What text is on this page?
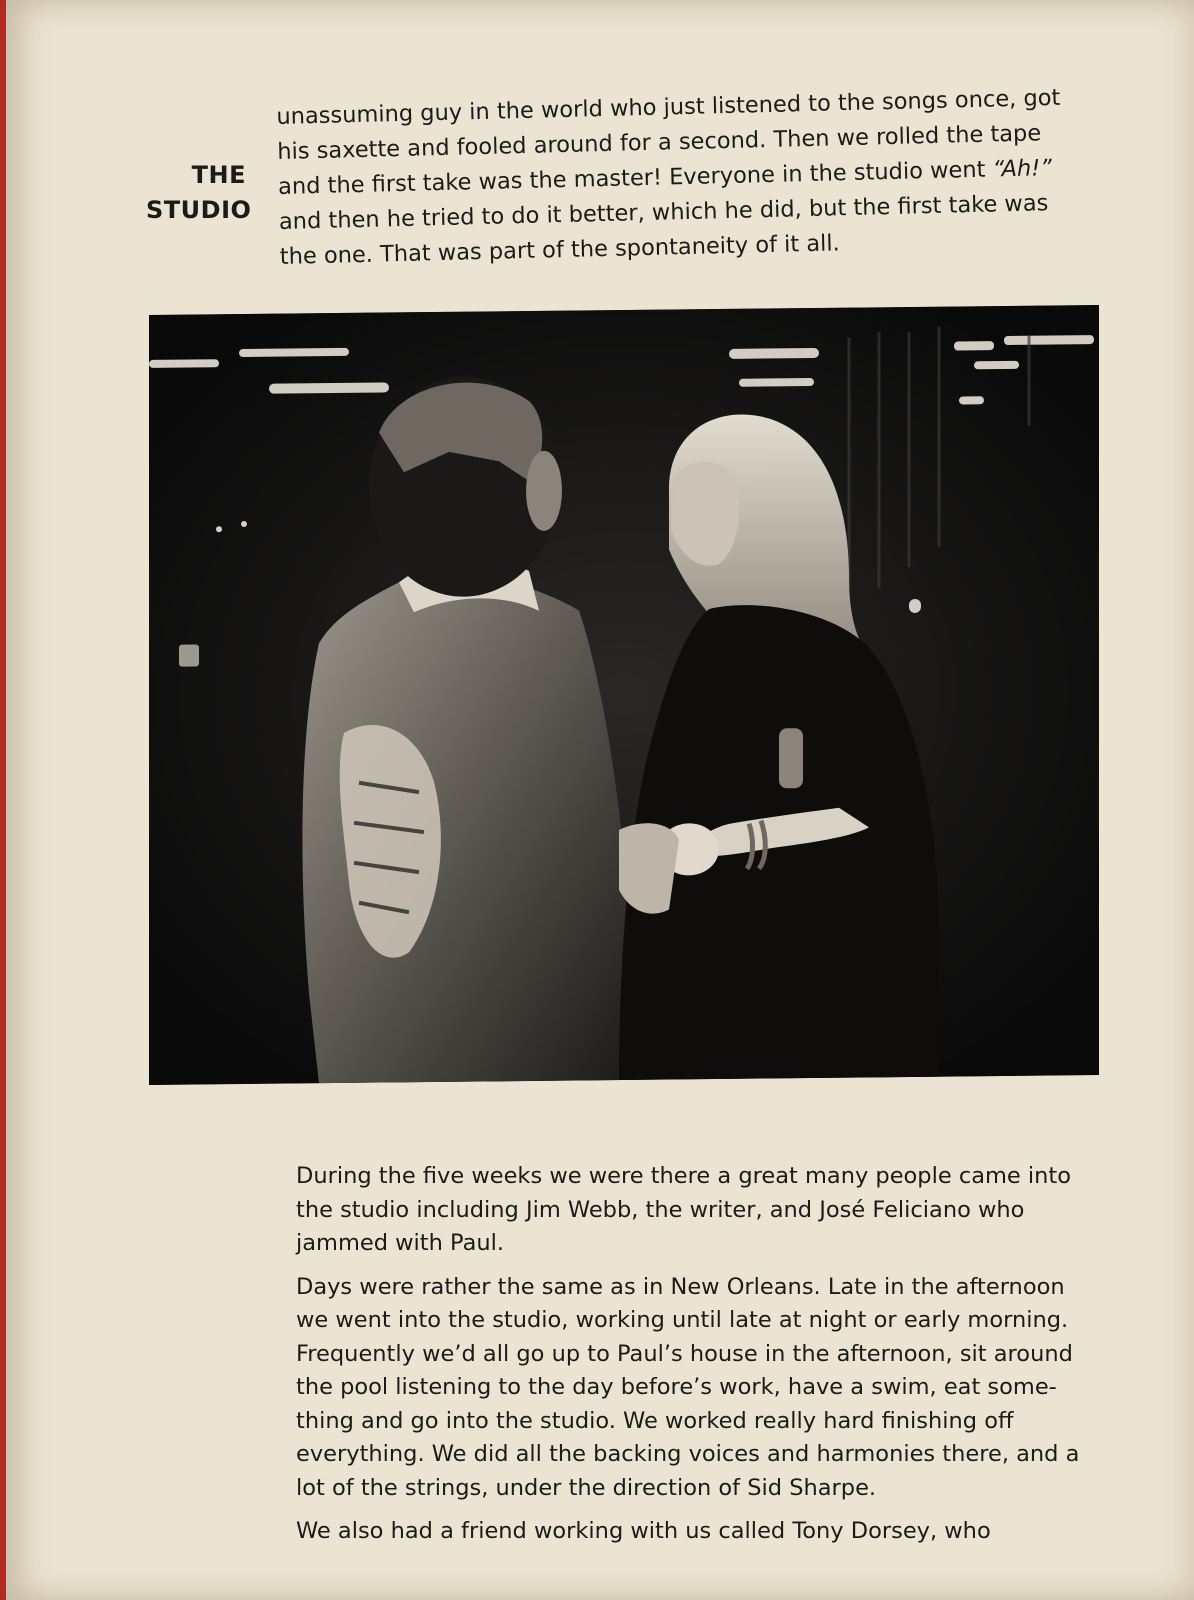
THE
STUDIO
unassuming guy in the world who just listened to the songs once, got
his saxette and fooled around for a second. Then we rolled the tape
and the first take was the master! Everyone in the studio went “Ah!”
and then he tried to do it better, which he did, but the first take was
the one. That was part of the spontaneity of it all.
During the five weeks we were there a great many people came into
the studio including Jim Webb, the writer, and José Feliciano who
jammed with Paul.
Days were rather the same as in New Orleans. Late in the afternoon
we went into the studio, working until late at night or early morning.
Frequently we’d all go up to Paul’s house in the afternoon, sit around
the pool listening to the day before’s work, have a swim, eat some-
thing and go into the studio. We worked really hard finishing off
everything. We did all the backing voices and harmonies there, and a
lot of the strings, under the direction of Sid Sharpe.
We also had a friend working with us called Tony Dorsey, who
